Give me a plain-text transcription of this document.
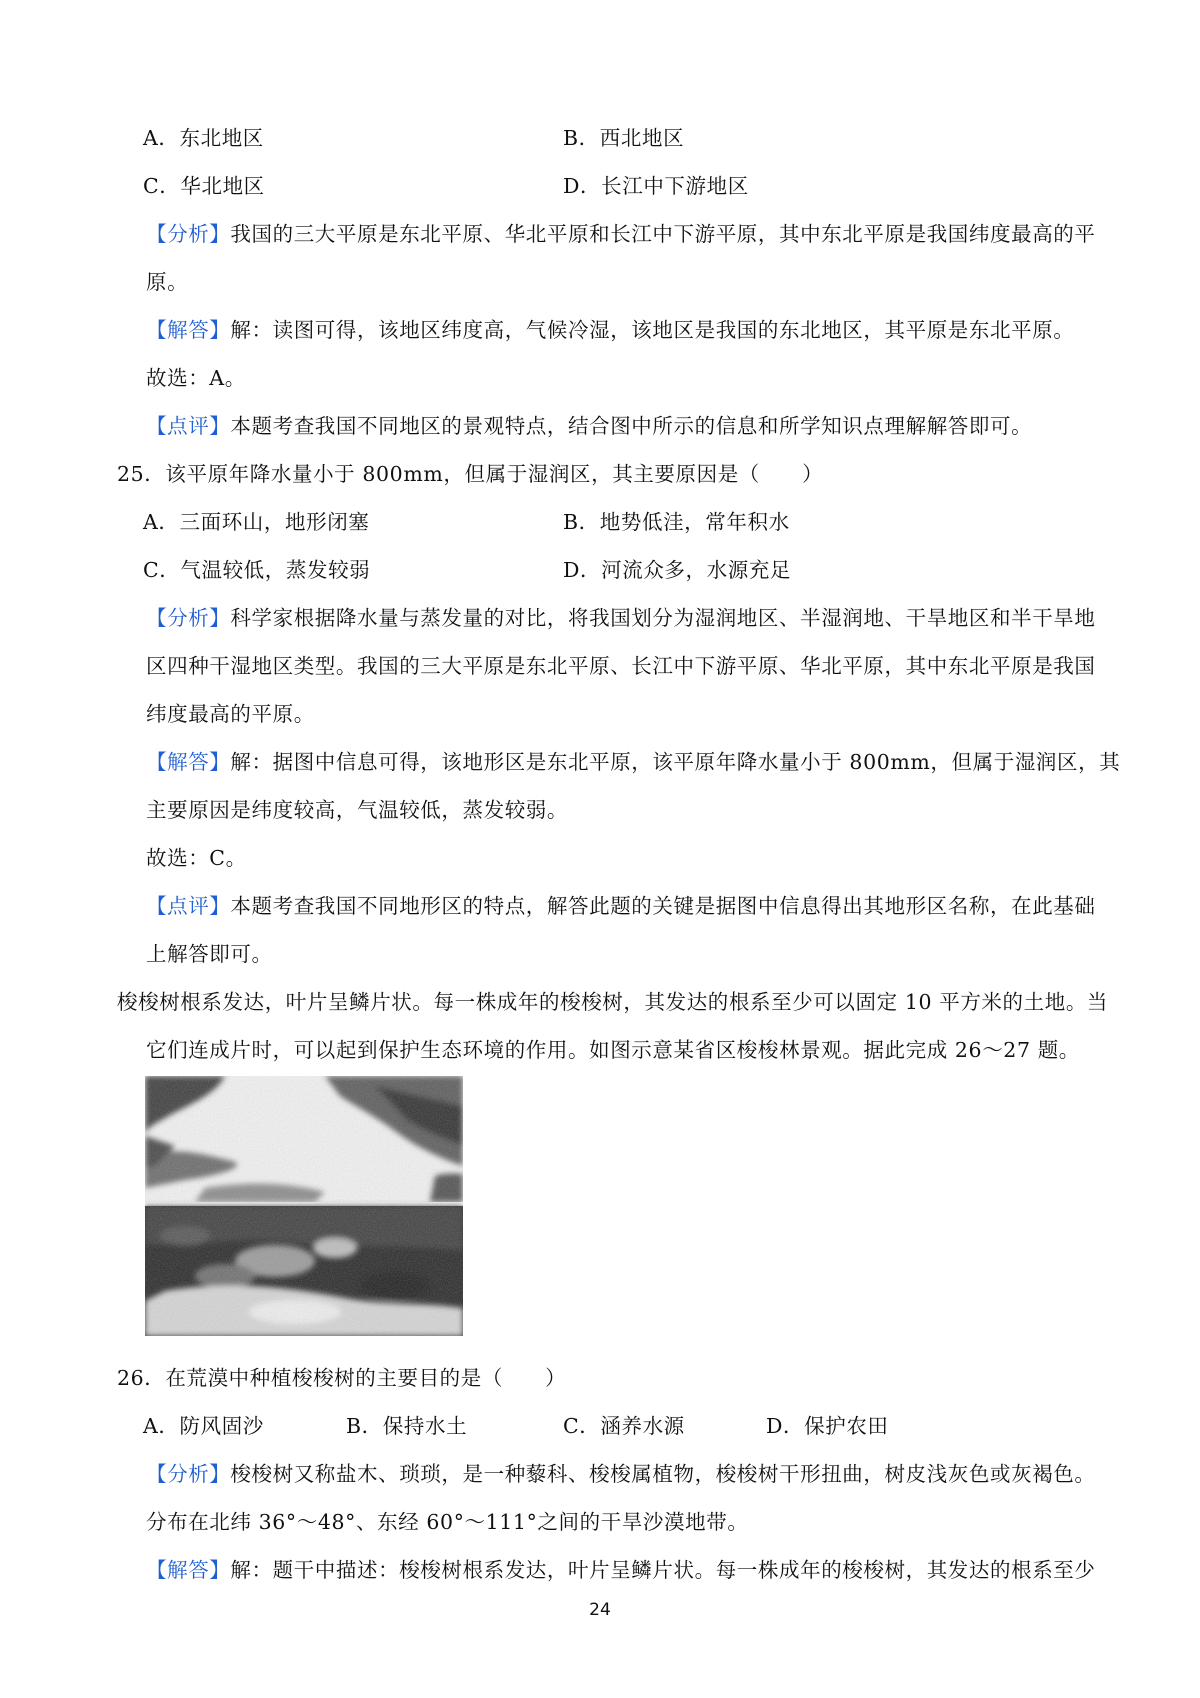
A．东北地区	B．西北地区
C．华北地区	D．长江中下游地区
【分析】我国的三大平原是东北平原、华北平原和长江中下游平原，其中东北平原是我国纬度最高的平
原。
【解答】解：读图可得，该地区纬度高，气候冷湿，该地区是我国的东北地区，其平原是东北平原。
故选：A。
【点评】本题考查我国不同地区的景观特点，结合图中所示的信息和所学知识点理解解答即可。
25．该平原年降水量小于 800mm，但属于湿润区，其主要原因是（　　）
A．三面环山，地形闭塞	B．地势低洼，常年积水
C．气温较低，蒸发较弱	D．河流众多，水源充足
【分析】科学家根据降水量与蒸发量的对比，将我国划分为湿润地区、半湿润地、干旱地区和半干旱地
区四种干湿地区类型。我国的三大平原是东北平原、长江中下游平原、华北平原，其中东北平原是我国
纬度最高的平原。
【解答】解：据图中信息可得，该地形区是东北平原，该平原年降水量小于 800mm，但属于湿润区，其
主要原因是纬度较高，气温较低，蒸发较弱。
故选：C。
【点评】本题考查我国不同地形区的特点，解答此题的关键是据图中信息得出其地形区名称，在此基础
上解答即可。
梭梭树根系发达，叶片呈鳞片状。每一株成年的梭梭树，其发达的根系至少可以固定 10 平方米的土地。当
它们连成片时，可以起到保护生态环境的作用。如图示意某省区梭梭林景观。据此完成 26～27 题。
26．在荒漠中种植梭梭树的主要目的是（　　）
A．防风固沙	B．保持水土	C．涵养水源	D．保护农田
【分析】梭梭树又称盐木、琐琐，是一种藜科、梭梭属植物，梭梭树干形扭曲，树皮浅灰色或灰褐色。
分布在北纬 36°～48°、东经 60°～111°之间的干旱沙漠地带。
【解答】解：题干中描述：梭梭树根系发达，叶片呈鳞片状。每一株成年的梭梭树，其发达的根系至少
24
